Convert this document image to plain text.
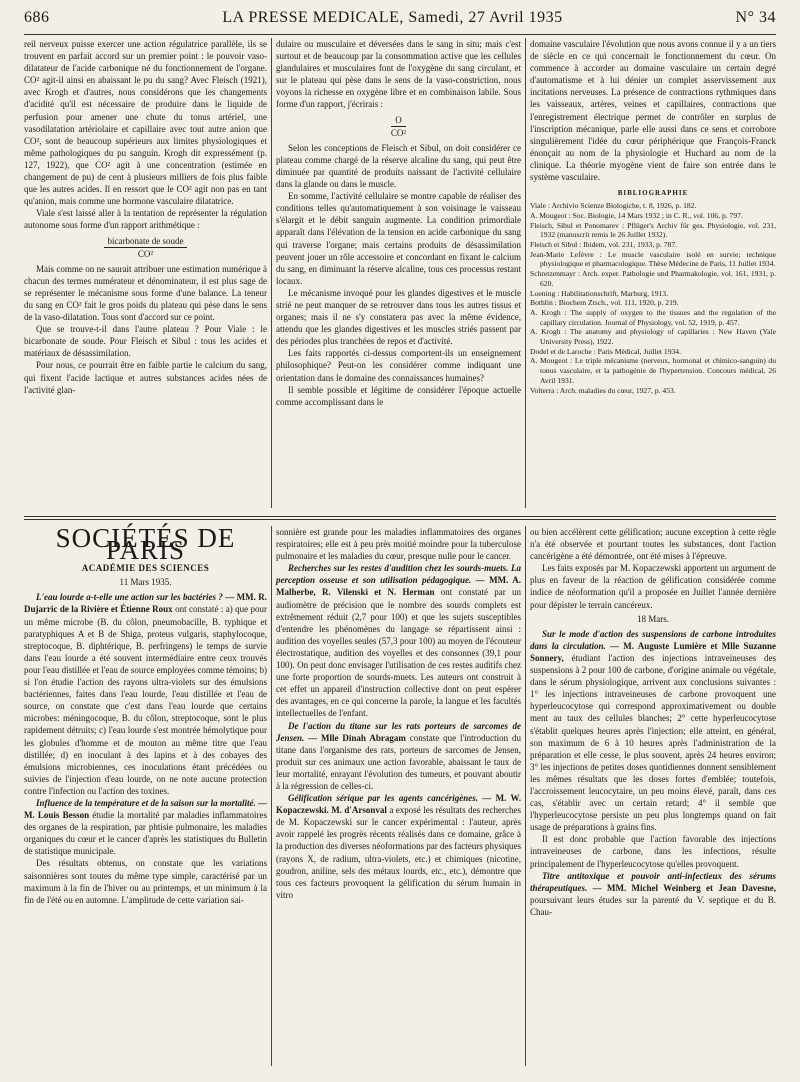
686	LA PRESSE MEDICALE, Samedi, 27 Avril 1935	N° 34

reil nerveux puisse exercer une action régulatrice parallèle, ils se trouvent en parfait accord sur un premier point : le pouvoir vaso-dilatateur de l'acide carbonique né du fonctionnement de l'organe. CO² agit-il ainsi en abaissant le pu du sang? Avec Fleisch (1921), avec Krogh et d'autres, nous considérons que les changements d'acidité qu'il est nécessaire de produire dans le liquide de perfusion pour amener une chute du tonus artériel, une vasodilatation artériolaire et capillaire avec tout autre anion que CO², sont de beaucoup supérieurs aux limites physiologiques et même pathologiques du pu sanguin. Krogh dit expressément (p. 127, 1922), que CO² agit à une concentration (estimée en changement de pu) de cent à plusieurs milliers de fois plus faible que les autres acides. Il en ressort que le CO² agit non pas en tant qu'anion, mais comme une hormone vasculaire dilatatrice.

Viale s'est laissé aller à la tentation de représenter la régulation autonome sous forme d'un rapport arithmétique :

$\frac{\text{bicarbonate de soude}}{\text{CO²}}$

Mais comme on ne saurait attribuer une estimation numérique à chacun des termes numérateur et dénominateur, il est plus sage de se représenter le mécanisme sous forme d'une balance. La teneur du sang en CO² fait le gros poids du plateau qui pèse dans le sens de la vaso-dilatation. Tous sont d'accord sur ce point.

Que se trouve-t-il dans l'autre plateau ? Pour Viale : le bicarbonate de soude. Pour Fleisch et Sibul : tous les acides et matériaux de désassimilation.

Pour nous, ce pourrait être en faible partie le calcium du sang, qui fixent l'acide lactique et autres substances acides nées de l'activité glan-

dulaire ou musculaire et déversées dans le sang in situ; mais c'est surtout et de beaucoup par la consommation active que les cellules glandulaires et musculaires font de l'oxygène du sang circulant, et sur le plateau qui pèse dans le sens de la vaso-constriction, nous voyons la richesse en oxygène libre et en combinaison labile. Sous forme d'un rapport, j'écrirais :

$\frac{O}{\text{CO²}}$

Selon les conceptions de Fleisch et Sibul, on doit considérer ce plateau comme chargé de la réserve alcaline du sang, qui peut être diminuée par quantité de produits naissant de l'activité cellulaire dans la glande ou dans le muscle.

En somme, l'activité cellulaire se montre capable de réaliser des conditions telles qu'automatiquement à son voisinage le vaisseau s'élargit et le débit sanguin augmente. La condition primordiale apparaît dans l'élévation de la tension en acide carbonique du sang qui traverse l'organe; mais certains produits de désassimilation peuvent jouer un rôle accessoire et concordant en fixant le calcium du sang, en diminuant la réserve alcaline, tous ces processus restant locaux.

Le mécanisme invoqué pour les glandes digestives et le muscle strié ne peut manquer de se retrouver dans tous les autres tissus et organes; mais il ne s'y constatera pas avec la même évidence, attendu que les glandes digestives et les muscles striés passent par des périodes plus tranchées de repos et d'activité.

Les faits rapportés ci-dessus comportent-ils un enseignement philosophique? Peut-on les considérer comme indiquant une orientation dans le domaine des connaissances humaines?

Il semble possible et légitime de considérer l'époque actuelle comme accomplissant dans le

domaine vasculaire l'évolution que nous avons connue il y a un tiers de siècle en ce qui concernait le fonctionnement du cœur. On commence à accorder au domaine vasculaire un certain degré d'automatisme et à lui dénier un complet asservissement aux incitations nerveuses. La présence de contractions rythmiques dans les vaisseaux, artères, veines et capillaires, contractions que l'enregistrement électrique permet de contrôler en surplus de l'inscription mécanique, parle elle aussi dans ce sens et corrobore singulièrement l'idée du cœur périphérique que François-Franck énonçait au nom de la physiologie et Huchard au nom de la clinique. La théorie myogène vient de faire son entrée dans le système vasculaire.

BIBLIOGRAPHIE

Viale : Archivio Scienze Biologiche, t. 8, 1926, p. 182.

A. Mougeot : Soc. Biologie, 14 Mars 1932 ; in C. R., vol. 106, p. 797.

Fleisch, Sibul et Ponomarev : Pflüger's Archiv für ges. Physiologie, vol. 231, 1932 (manuscrit remis le 26 Juillet 1932).

Fleisch et Sibul : Ibidem, vol. 231, 1933, p. 787.

Jean-Marie Lefèvre : Le muscle vasculaire isolé en survie; technique physiologique et pharmacologique. Thèse Médecine de Paris, 11 Juillet 1934.

Schretzenmayr : Arch. exper. Pathologie und Pharmakologie, vol. 161, 1931, p. 620.

Loening : Habilitationschrift, Marburg, 1913.

Bothlin : Biochem Ztsch., vol. 111, 1920, p. 219.

A. Krogh : The supply of oxygen to the tissues and the regulation of the capillary circulation. Journal of Physiology, vol. 52, 1919, p. 457.

A. Krogh : The anatomy and physiology of capillaries : New Haven (Yale University Press), 1922.

Dodel et de Laroche : Paris Médical, Juillet 1934.

A. Mougeot : Le triple mécanisme (nerveux, hormonal et chimico-sanguin) du tonus vasculaire, et la pathogénie de l'hypertension. Concours médical, 26 Avril 1931.

Volterra : Arch. maladies du cœur, 1927, p. 453.

SOCIÉTÉS DE PARIS
ACADÉMIE DES SCIENCES
11 Mars 1935.

L'eau lourde a-t-elle une action sur les bactéries ? — MM. R. Dujarric de la Rivière et Étienne Roux ont constaté : a) que pour un même microbe (B. du côlon, pneumobacille, B. typhique et paratyphiques A et B de Shiga, proteus vulgaris, staphylocoque, streptocoque, B. diphtérique, B. perfringens) le temps de survie dans l'eau lourde a été souvent intermédiaire entre ceux trouvés pour l'eau distillée et l'eau de source employées comme témoins; b) si l'on étudie l'action des rayons ultra-violets sur des émulsions bactériennes, faites dans l'eau lourde, l'eau distillée et l'eau de source, on constate que c'est dans l'eau lourde que certains microbes: méningocoque, B. du côlon, streptocoque, sont le plus rapidement détruits; c) l'eau lourde s'est montrée hémolytique pour les globules d'homme et de mouton au même titre que l'eau distillée; d) en inoculant à des lapins et à des cobayes des émulsions microbiennes, ces inoculations étant précédées ou suivies de l'injection d'eau lourde, on ne note aucune protection contre l'infection ou l'action des toxines.

Influence de la température et de la saison sur la mortalité. — M. Louis Besson étudie la mortalité par maladies inflammatoires des organes de la respiration, par phtisie pulmonaire, les maladies organiques du cœur et le cancer d'après les statistiques du Bulletin de statistique municipale.

Des résultats obtenus, on constate que les variations saisonnières sont toutes du même type simple, caractérisé par un maximum à la fin de l'hiver ou au printemps, et un minimum à la fin de l'été ou en automne. L'amplitude de cette variation sai-

sonnière est grande pour les maladies inflammatoires des organes respiratoires; elle est à peu près moitié moindre pour la tuberculose pulmonaire et les maladies du cœur, presque nulle pour le cancer.

Recherches sur les restes d'audition chez les sourds-muets. La perception osseuse et son utilisation pédagogique. — MM. A. Malherbe, R. Vilenski et N. Herman ont constaté par un audiomètre de précision que le nombre des sourds complets est extrêmement réduit (2,7 pour 100) et que les sujets susceptibles d'entendre les phénomènes du langage se répartissent ainsi : audition des voyelles seules (57,3 pour 100) au moyen de l'écouteur électrostatique, audition des voyelles et des consonnes (39,1 pour 100). On peut donc envisager l'utilisation de ces restes auditifs chez une forte proportion de sourds-muets. Les auteurs ont construit à cet effet un appareil d'instruction collective dont on peut espérer des avantages, en ce qui concerne la parole, la langue et les facultés intellectuelles de l'enfant.

De l'action du titane sur les rats porteurs de sarcomes de Jensen. — Mlle Dinah Abragam constate que l'introduction du titane dans l'organisme des rats, porteurs de sarcomes de Jensen, produit sur ces animaux une action favorable, abaissant le taux de leur mortalité, enrayant l'évolution des tumeurs, et pouvant aboutir à la régression de celles-ci.

Gélification sérique par les agents cancérigènes. — M. W. Kopaczewski. M. d'Arsonval a exposé les résultats des recherches de M. Kopaczewski sur le cancer expérimental : l'auteur, après avoir rappelé les progrès récents réalisés dans ce domaine, grâce à la production des diverses néoformations par des facteurs physiques (rayons X, de radium, ultra-violets, etc.) et chimiques (nicotine, goudron, aniline, sels des métaux lourds, etc., etc.), démontre que tous ces facteurs provoquent la gélification du sérum humain in vitro

ou bien accélèrent cette gélification; aucune exception à cette règle n'a été observée et pourtant toutes les substances, dont l'action cancérigène a été démontrée, ont été mises à l'épreuve.

Les faits exposés par M. Kopaczewski apportent un argument de plus en faveur de la réaction de gélification considérée comme indice de néoformation qu'il a proposée en Juillet l'année dernière pour dépister le terrain cancéreux.

18 Mars.

Sur le mode d'action des suspensions de carbone introduites dans la circulation. — M. Auguste Lumière et Mlle Suzanne Sonnery, étudiant l'action des injections intraveineuses des suspensions à 2 pour 100 de carbone, d'origine animale ou végétale, dans le sérum physiologique, arrivent aux conclusions suivantes : 1° les injections intraveineuses de carbone provoquent une hyperleucocytose qui correspond approximativement ou double ment au taux des cellules blanches; 2° cette hyperleucocytose s'établit quelques heures après l'injection; elle atteint, en général, son maximum de 6 à 10 heures après l'administration de la préparation et elle cesse, le plus souvent, après 24 heures environ; 3° les injections de petites doses quotidiennes donnent sensiblement les mêmes résultats que les doses fortes d'emblée; toutefois, l'accroissement leucocytaire, un peu moins élevé, paraît, dans ces cas, s'établir avec un certain retard; 4° il semble que l'hyperleucocytose persiste un peu plus longtemps quand on fait usage de préparations à grains fins.

Il est donc probable que l'action favorable des injections intraveineuses de carbone, dans les infections, résulte principalement de l'hyperleucocytose qu'elles provoquent.

Titre antitoxique et pouvoir anti-infectieux des sérums thérapeutiques. — MM. Michel Weinberg et Jean Davesne, poursuivant leurs études sur la parenté du V. septique et du B. Chau-
